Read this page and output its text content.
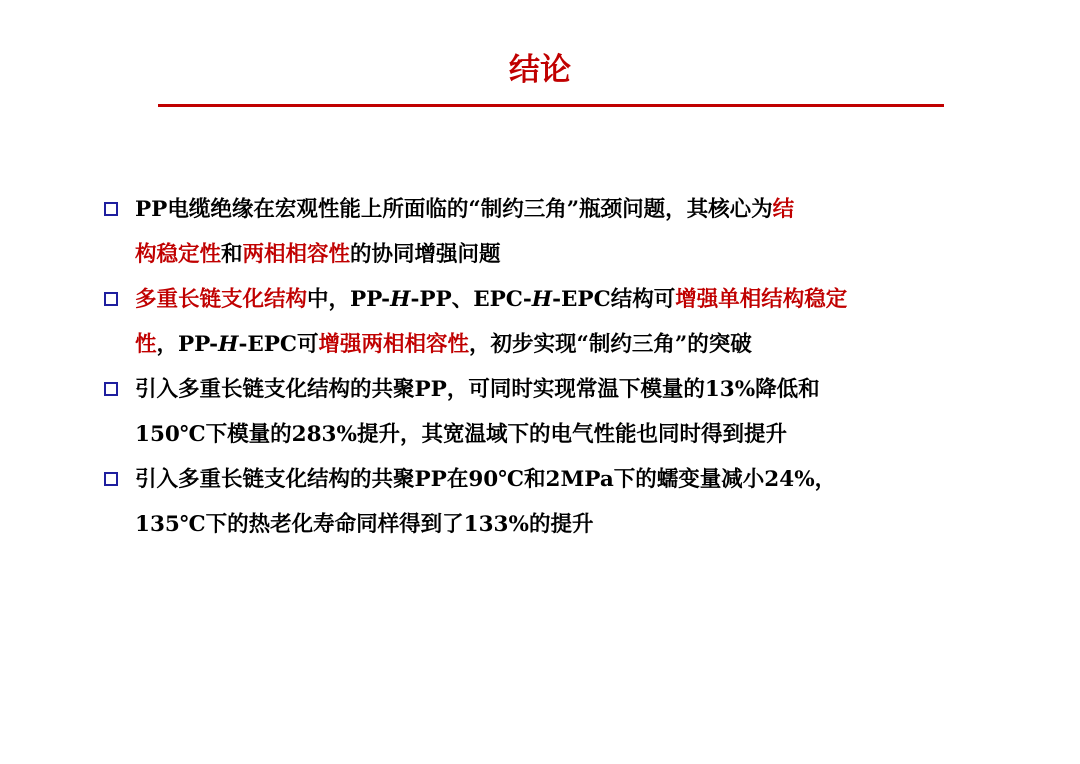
结论
PP电缆绝缘在宏观性能上所面临的“制约三角”瓶颈问题，其核心为结
构稳定性和两相相容性的协同增强问题
多重长链支化结构中，PP-H-PP、EPC-H-EPC结构可增强单相结构稳定
性，PP-H-EPC可增强两相相容性，初步实现“制约三角”的突破
引入多重长链支化结构的共聚PP，可同时实现常温下模量的13%降低和
150℃下模量的283%提升，其宽温域下的电气性能也同时得到提升
引入多重长链支化结构的共聚PP在90℃和2MPa下的蠕变量减小24%，
135℃下的热老化寿命同样得到了133%的提升
